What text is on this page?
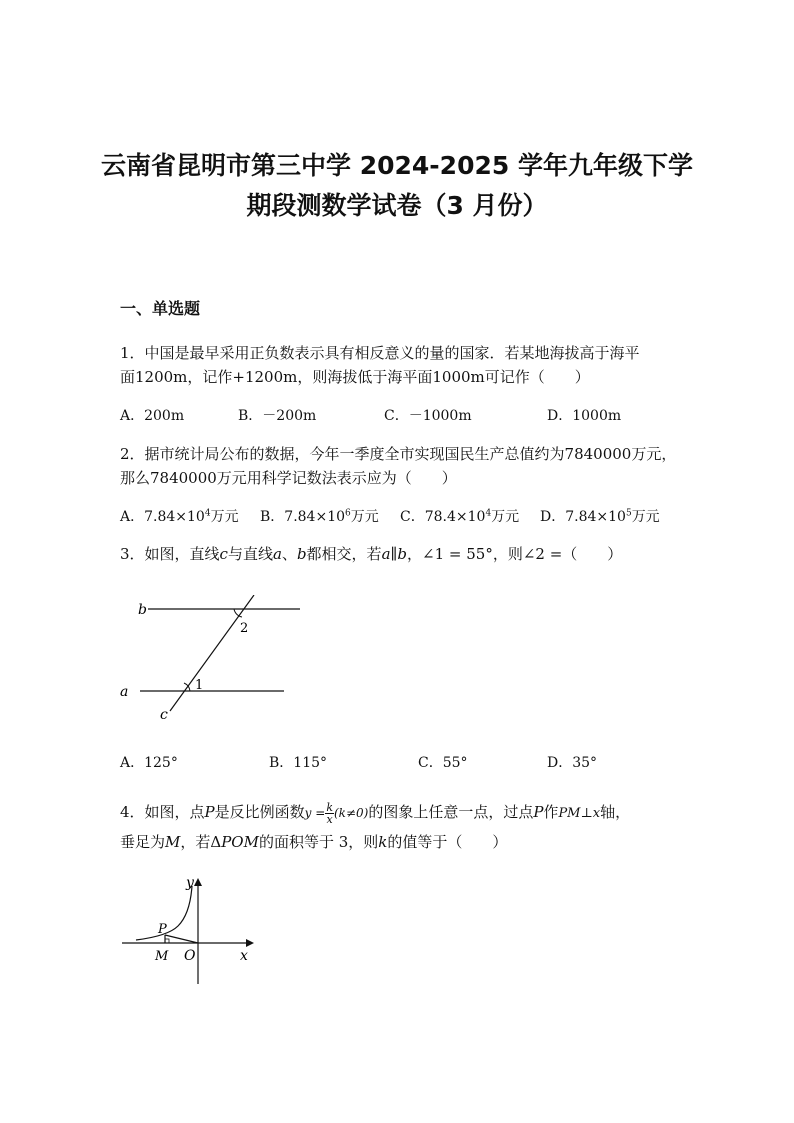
云南省昆明市第三中学 2024-2025 学年九年级下学
期段测数学试卷（3 月份）
一、单选题
1．中国是最早采用正负数表示具有相反意义的量的国家．若某地海拔高于海平
面1200m，记作+1200m，则海拔低于海平面1000m可记作（　　）
A．200m	B．－200m	C．－1000m	D．1000m
2．据市统计局公布的数据，今年一季度全市实现国民生产总值约为7840000万元，
那么7840000万元用科学记数法表示应为（　　）
A．$7.84\times 10^4$万元 B．$7.84\times 10^6$万元 C．$78.4\times 10^4$万元 D．$7.84\times 10^5$万元
3．如图，直线c与直线a、b都相交，若a∥b，∠1 = 55°，则∠2 =（　　）
b
a
c
1
2
A．125°	B．115°	C．55°	D．35°
4．如图，点P是反比例函数$y = \frac{k}{x} (k\ne 0)$的图象上任意一点，过点P作PM⊥x轴，
垂足为M，若ΔPOM的面积等于 3，则k的值等于（　　）
y
x
O
P
M
